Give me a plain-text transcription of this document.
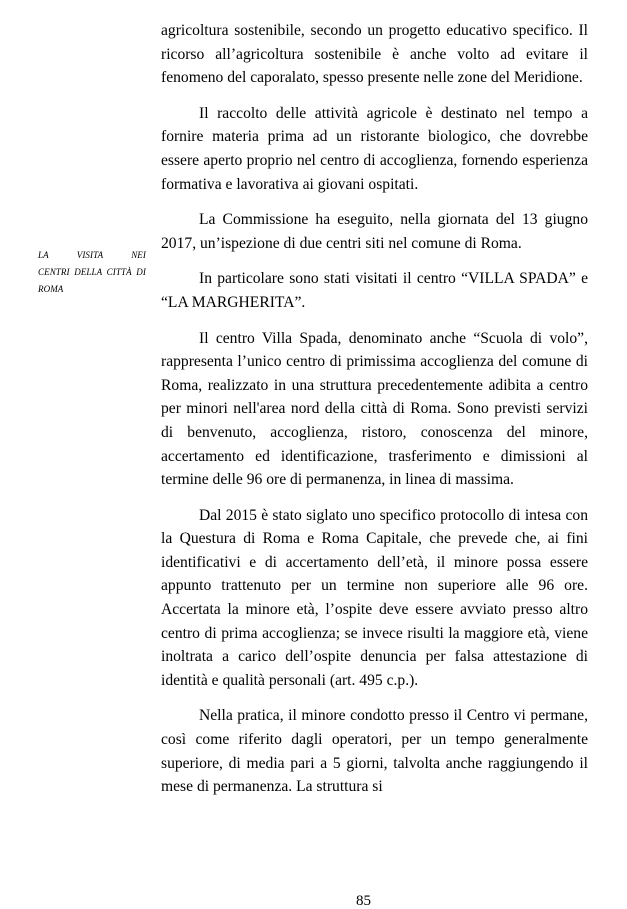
LA VISITA NEI
CENTRI DELLA CITTÀ DI ROMA

agricoltura sostenibile, secondo un progetto educativo specifico. Il ricorso all’agricoltura sostenibile è anche volto ad evitare il fenomeno del caporalato, spesso presente nelle zone del Meridione.

Il raccolto delle attività agricole è destinato nel tempo a fornire materia prima ad un ristorante biologico, che dovrebbe essere aperto proprio nel centro di accoglienza, fornendo esperienza formativa e lavorativa ai giovani ospitati.

La Commissione ha eseguito, nella giornata del 13 giugno 2017, un’ispezione di due centri siti nel comune di Roma.

In particolare sono stati visitati il centro “VILLA SPADA” e “LA MARGHERITA”.

Il centro Villa Spada, denominato anche “Scuola di volo”, rappresenta l’unico centro di primissima accoglienza del comune di Roma, realizzato in una struttura precedentemente adibita a centro per minori nell'area nord della città di Roma. Sono previsti servizi di benvenuto, accoglienza, ristoro, conoscenza del minore, accertamento ed identificazione, trasferimento e dimissioni al termine delle 96 ore di permanenza, in linea di massima.

Dal 2015 è stato siglato uno specifico protocollo di intesa con la Questura di Roma e Roma Capitale, che prevede che, ai fini identificativi e di accertamento dell’età, il minore possa essere appunto trattenuto per un termine non superiore alle 96 ore. Accertata la minore età, l’ospite deve essere avviato presso altro centro di prima accoglienza; se invece risulti la maggiore età, viene inoltrata a carico dell’ospite denuncia per falsa attestazione di identità e qualità personali (art. 495 c.p.).

Nella pratica, il minore condotto presso il Centro vi permane, così come riferito dagli operatori, per un tempo generalmente superiore, di media pari a 5 giorni, talvolta anche raggiungendo il mese di permanenza. La struttura si

85
